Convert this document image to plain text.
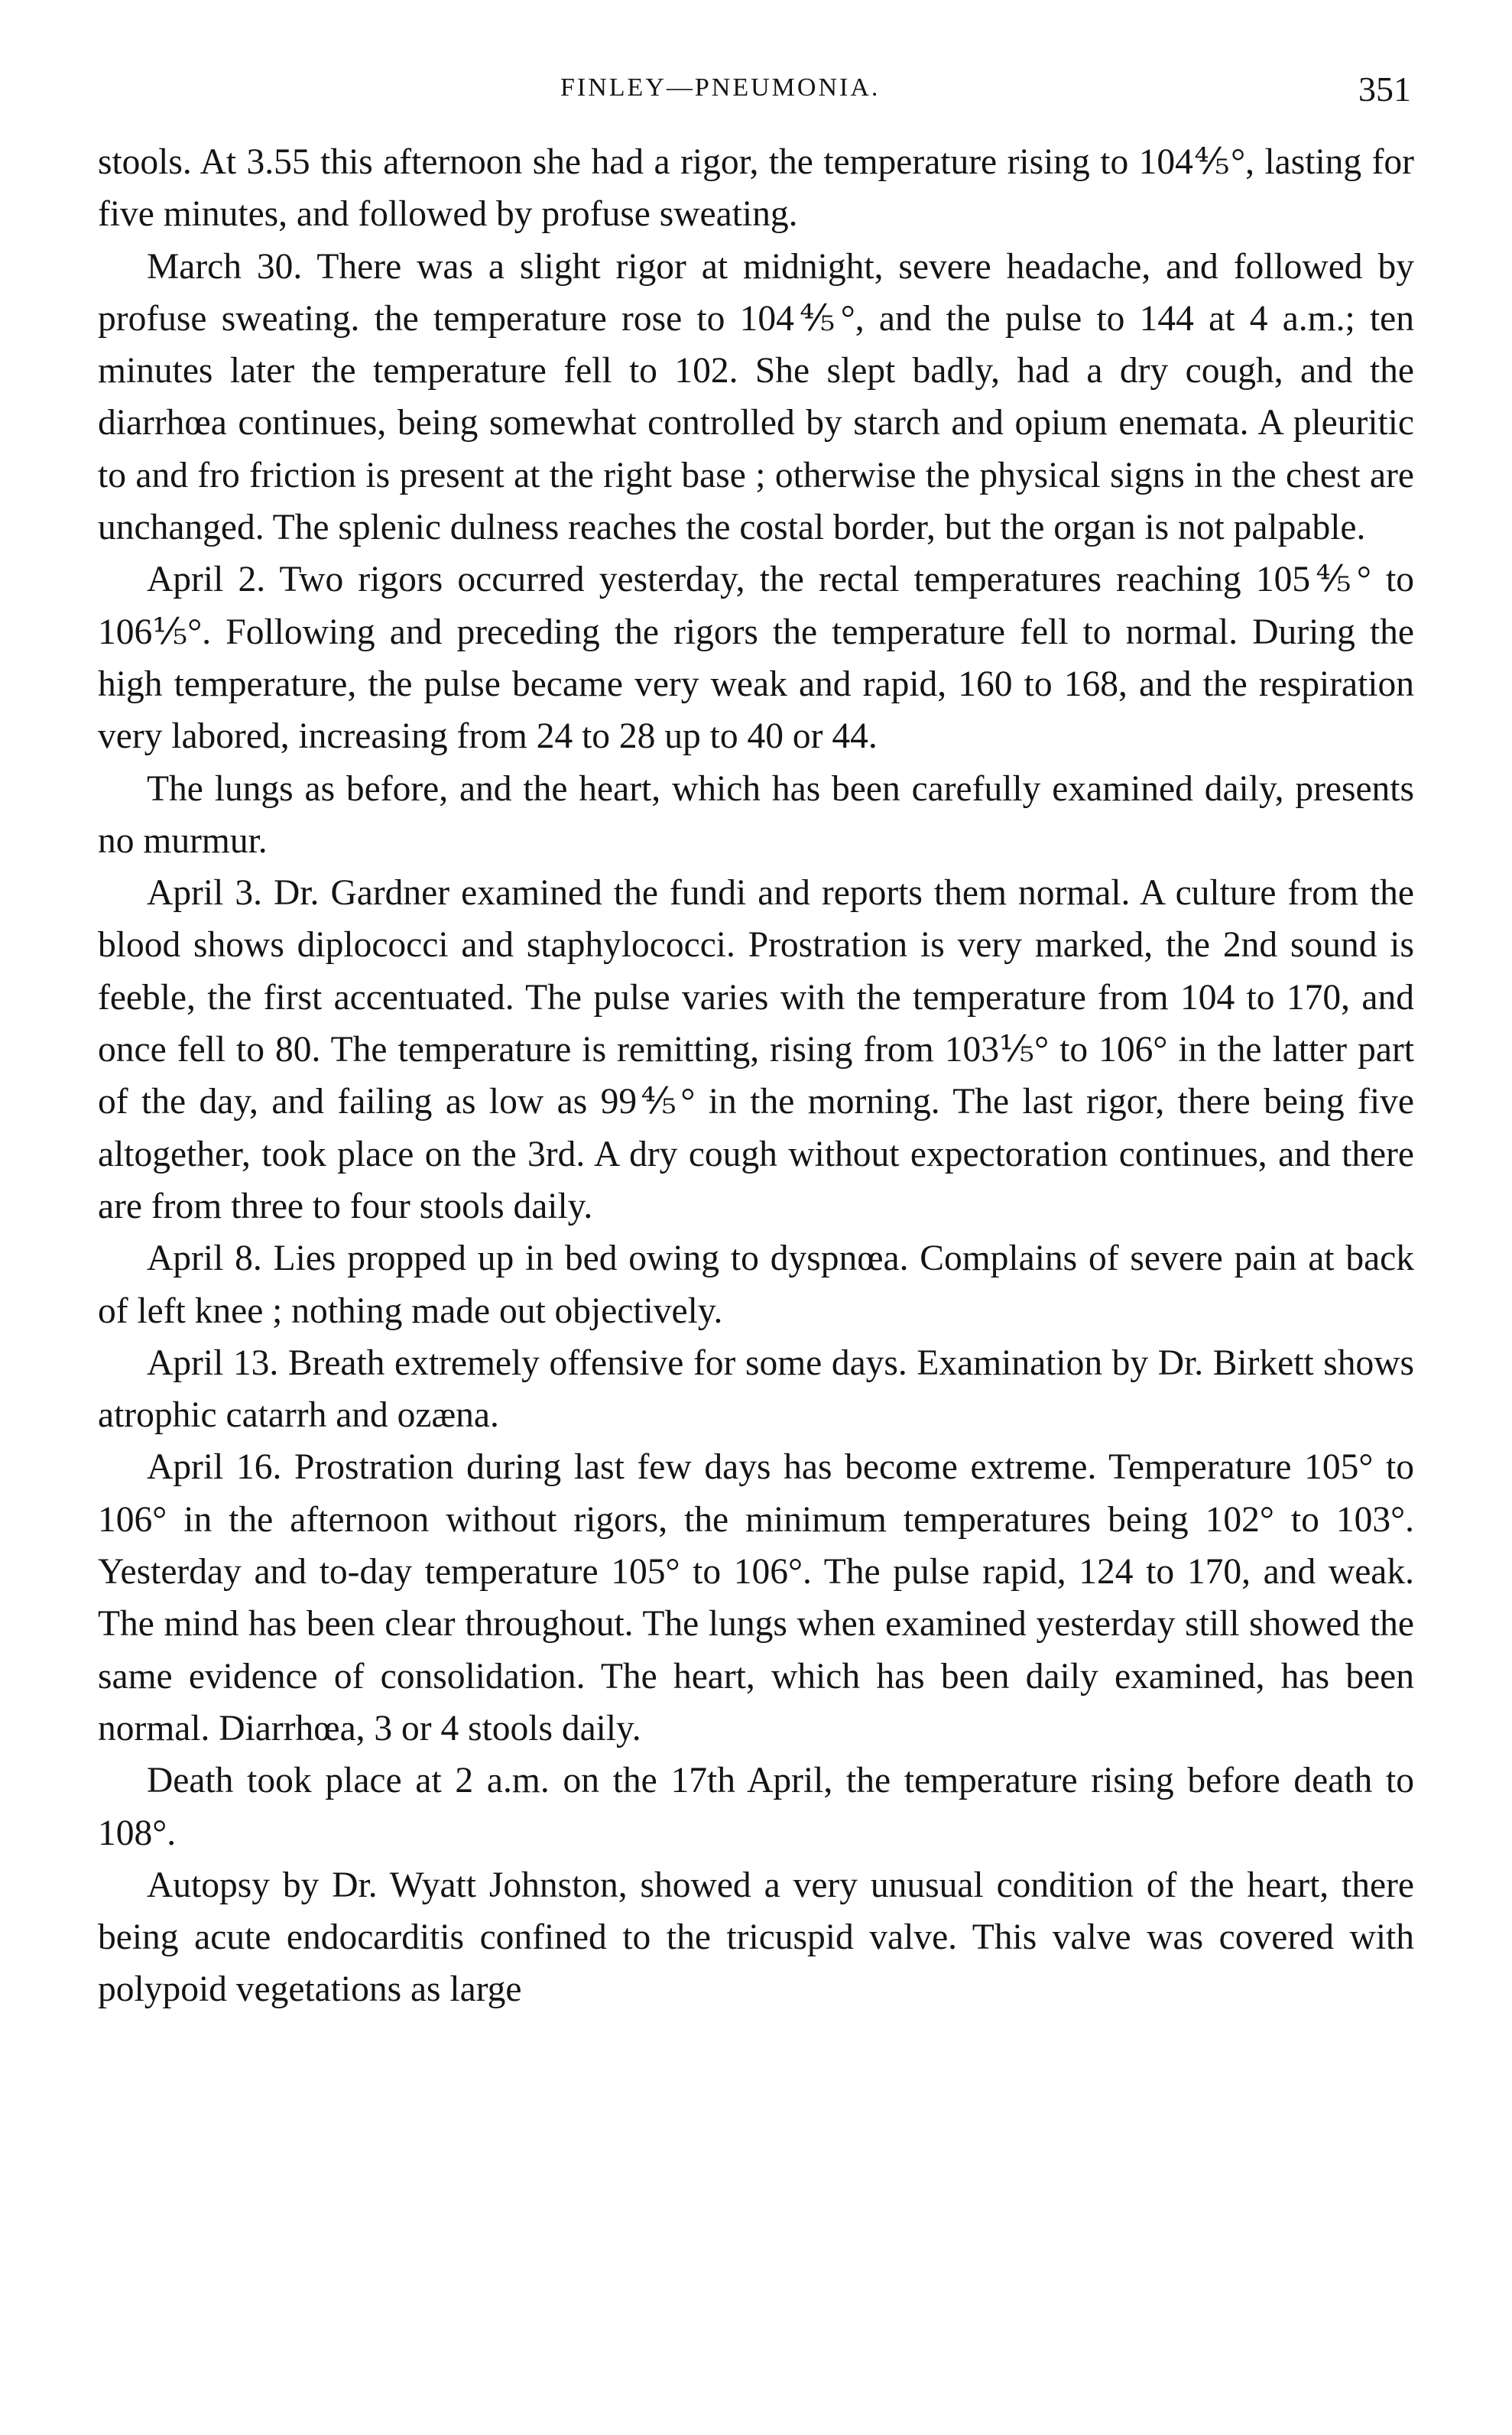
FINLEY—PNEUMONIA.	351

stools. At 3.55 this afternoon she had a rigor, the temperature rising to 104⅘°, lasting for five minutes, and followed by profuse sweating.

March 30. There was a slight rigor at midnight, severe headache, and followed by profuse sweating. the temperature rose to 104⅘°, and the pulse to 144 at 4 a.m.; ten minutes later the temperature fell to 102. She slept badly, had a dry cough, and the diarrhœa continues, being somewhat controlled by starch and opium enemata. A pleuritic to and fro friction is present at the right base ; otherwise the physical signs in the chest are unchanged. The splenic dulness reaches the costal border, but the organ is not palpable.

April 2. Two rigors occurred yesterday, the rectal temperatures reaching 105⅘° to 106⅕°. Following and preceding the rigors the temperature fell to normal. During the high temperature, the pulse became very weak and rapid, 160 to 168, and the respiration very labored, increasing from 24 to 28 up to 40 or 44.

The lungs as before, and the heart, which has been carefully examined daily, presents no murmur.

April 3. Dr. Gardner examined the fundi and reports them normal. A culture from the blood shows diplococci and staphylococci. Prostration is very marked, the 2nd sound is feeble, the first accentuated. The pulse varies with the temperature from 104 to 170, and once fell to 80. The temperature is remitting, rising from 103⅕° to 106° in the latter part of the day, and failing as low as 99⅘° in the morning. The last rigor, there being five altogether, took place on the 3rd. A dry cough without expectoration continues, and there are from three to four stools daily.

April 8. Lies propped up in bed owing to dyspnœa. Complains of severe pain at back of left knee ; nothing made out objectively.

April 13. Breath extremely offensive for some days. Examination by Dr. Birkett shows atrophic catarrh and ozæna.

April 16. Prostration during last few days has become extreme. Temperature 105° to 106° in the afternoon without rigors, the minimum temperatures being 102° to 103°. Yesterday and to-day temperature 105° to 106°. The pulse rapid, 124 to 170, and weak. The mind has been clear throughout. The lungs when examined yesterday still showed the same evidence of consolidation. The heart, which has been daily examined, has been normal. Diarrhœa, 3 or 4 stools daily.

Death took place at 2 a.m. on the 17th April, the temperature rising before death to 108°.

Autopsy by Dr. Wyatt Johnston, showed a very unusual condition of the heart, there being acute endocarditis confined to the tricuspid valve. This valve was covered with polypoid vegetations as large
